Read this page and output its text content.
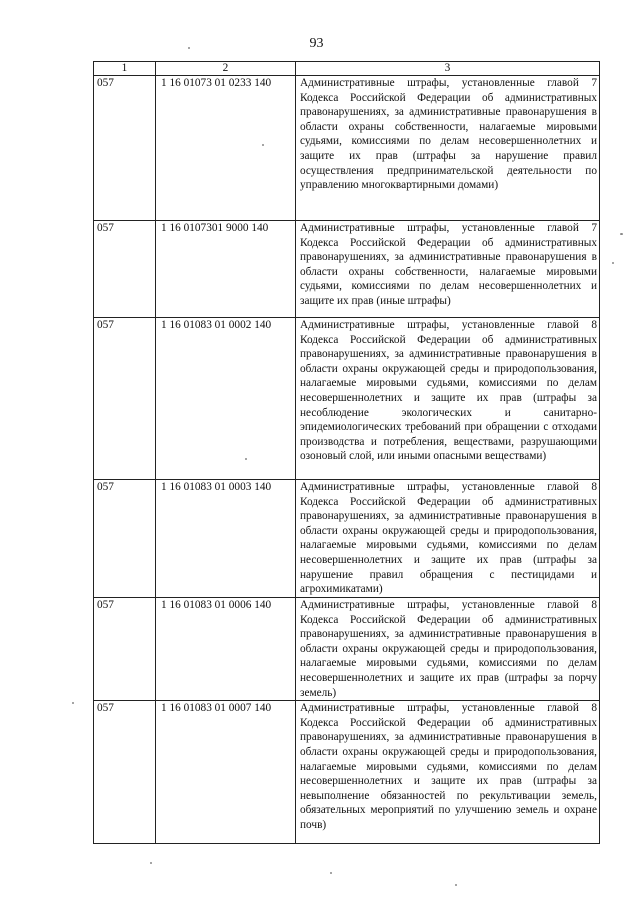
93
1	2	3
057	1 16 01073 01 0233 140	Административные штрафы, установленные главой 7 Кодекса Российской Федерации об административных правонарушениях, за административные правонарушения в области охраны собственности, налагаемые мировыми судьями, комиссиями по делам несовершеннолетних и защите их прав (штрафы за нарушение правил осуществления предпринимательской деятельности по управлению многоквартирными домами)
057	1 16 0107301 9000 140	Административные штрафы, установленные главой 7 Кодекса Российской Федерации об административных правонарушениях, за административные правонарушения в области охраны собственности, налагаемые мировыми судьями, комиссиями по делам несовершеннолетних и защите их прав (иные штрафы)
057	1 16 01083 01 0002 140	Административные штрафы, установленные главой 8 Кодекса Российской Федерации об административных правонарушениях, за административные правонарушения в области охраны окружающей среды и природопользования, налагаемые мировыми судьями, комиссиями по делам несовершеннолетних и защите их прав (штрафы за несоблюдение экологических и санитарно-эпидемиологических требований при обращении с отходами производства и потребления, веществами, разрушающими озоновый слой, или иными опасными веществами)
057	1 16 01083 01 0003 140	Административные штрафы, установленные главой 8 Кодекса Российской Федерации об административных правонарушениях, за административные правонарушения в области охраны окружающей среды и природопользования, налагаемые мировыми судьями, комиссиями по делам несовершеннолетних и защите их прав (штрафы за нарушение правил обращения с пестицидами и агрохимикатами)
057	1 16 01083 01 0006 140	Административные штрафы, установленные главой 8 Кодекса Российской Федерации об административных правонарушениях, за административные правонарушения в области охраны окружающей среды и природопользования, налагаемые мировыми судьями, комиссиями по делам несовершеннолетних и защите их прав (штрафы за порчу земель)
057	1 16 01083 01 0007 140	Административные штрафы, установленные главой 8 Кодекса Российской Федерации об административных правонарушениях, за административные правонарушения в области охраны окружающей среды и природопользования, налагаемые мировыми судьями, комиссиями по делам несовершеннолетних и защите их прав (штрафы за невыполнение обязанностей по рекультивации земель, обязательных мероприятий по улучшению земель и охране почв)
